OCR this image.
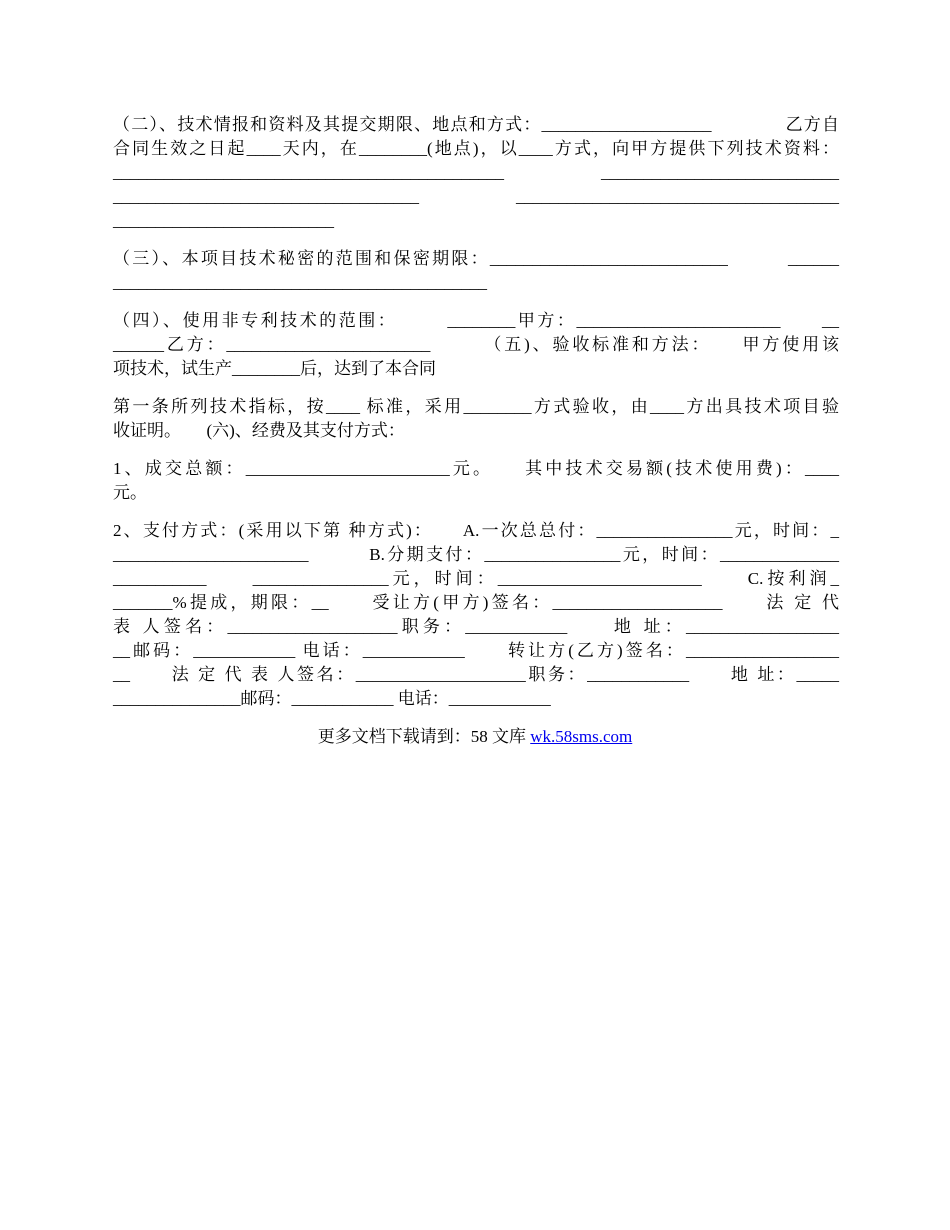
（二）、技术情报和资料及其提交期限、地点和方式：____________________　　　　乙方自

合同生效之日起____天内，在________(地点)，以____方式，向甲方提供下列技术资料：

______________________________________________　　 ____________________________

____________________________________　　 ______________________________________

__________________________

（三）、本项目技术秘密的范围和保密期限：____________________________　　　______

____________________________________________

（四）、使用非专利技术的范围：　　　________甲方：________________________　　__

______乙方：________________________　　　（五)、验收标准和方法：　　甲方使用该

项技术，试生产________后，达到了本合同

第一条所列技术指标，按____ 标准，采用________方式验收，由____方出具技术项目验

收证明。　　(六)、经费及其支付方式：

1、成交总额：________________________元。　　其中技术交易额(技术使用费)：____

元。

2、支付方式：(采用以下第 种方式)：　　A.一次总总付：________________元，时间：_

_______________________　　　B.分期支付：________________元，时间：______________

___________　　________________元，时间：________________________　　C.按利润_

_______%提成，期限：__　　受让方(甲方)签名：____________________　　法 定 代

表 人签名：____________________职务：____________　　地 址：__________________

__邮码：____________ 电话：____________　　转让方(乙方)签名：__________________

__　　法 定 代 表 人签名：____________________职务：____________　　地 址：_____

_______________邮码：____________ 电话：____________

更多文档下载请到：58 文库 wk.58sms.com
